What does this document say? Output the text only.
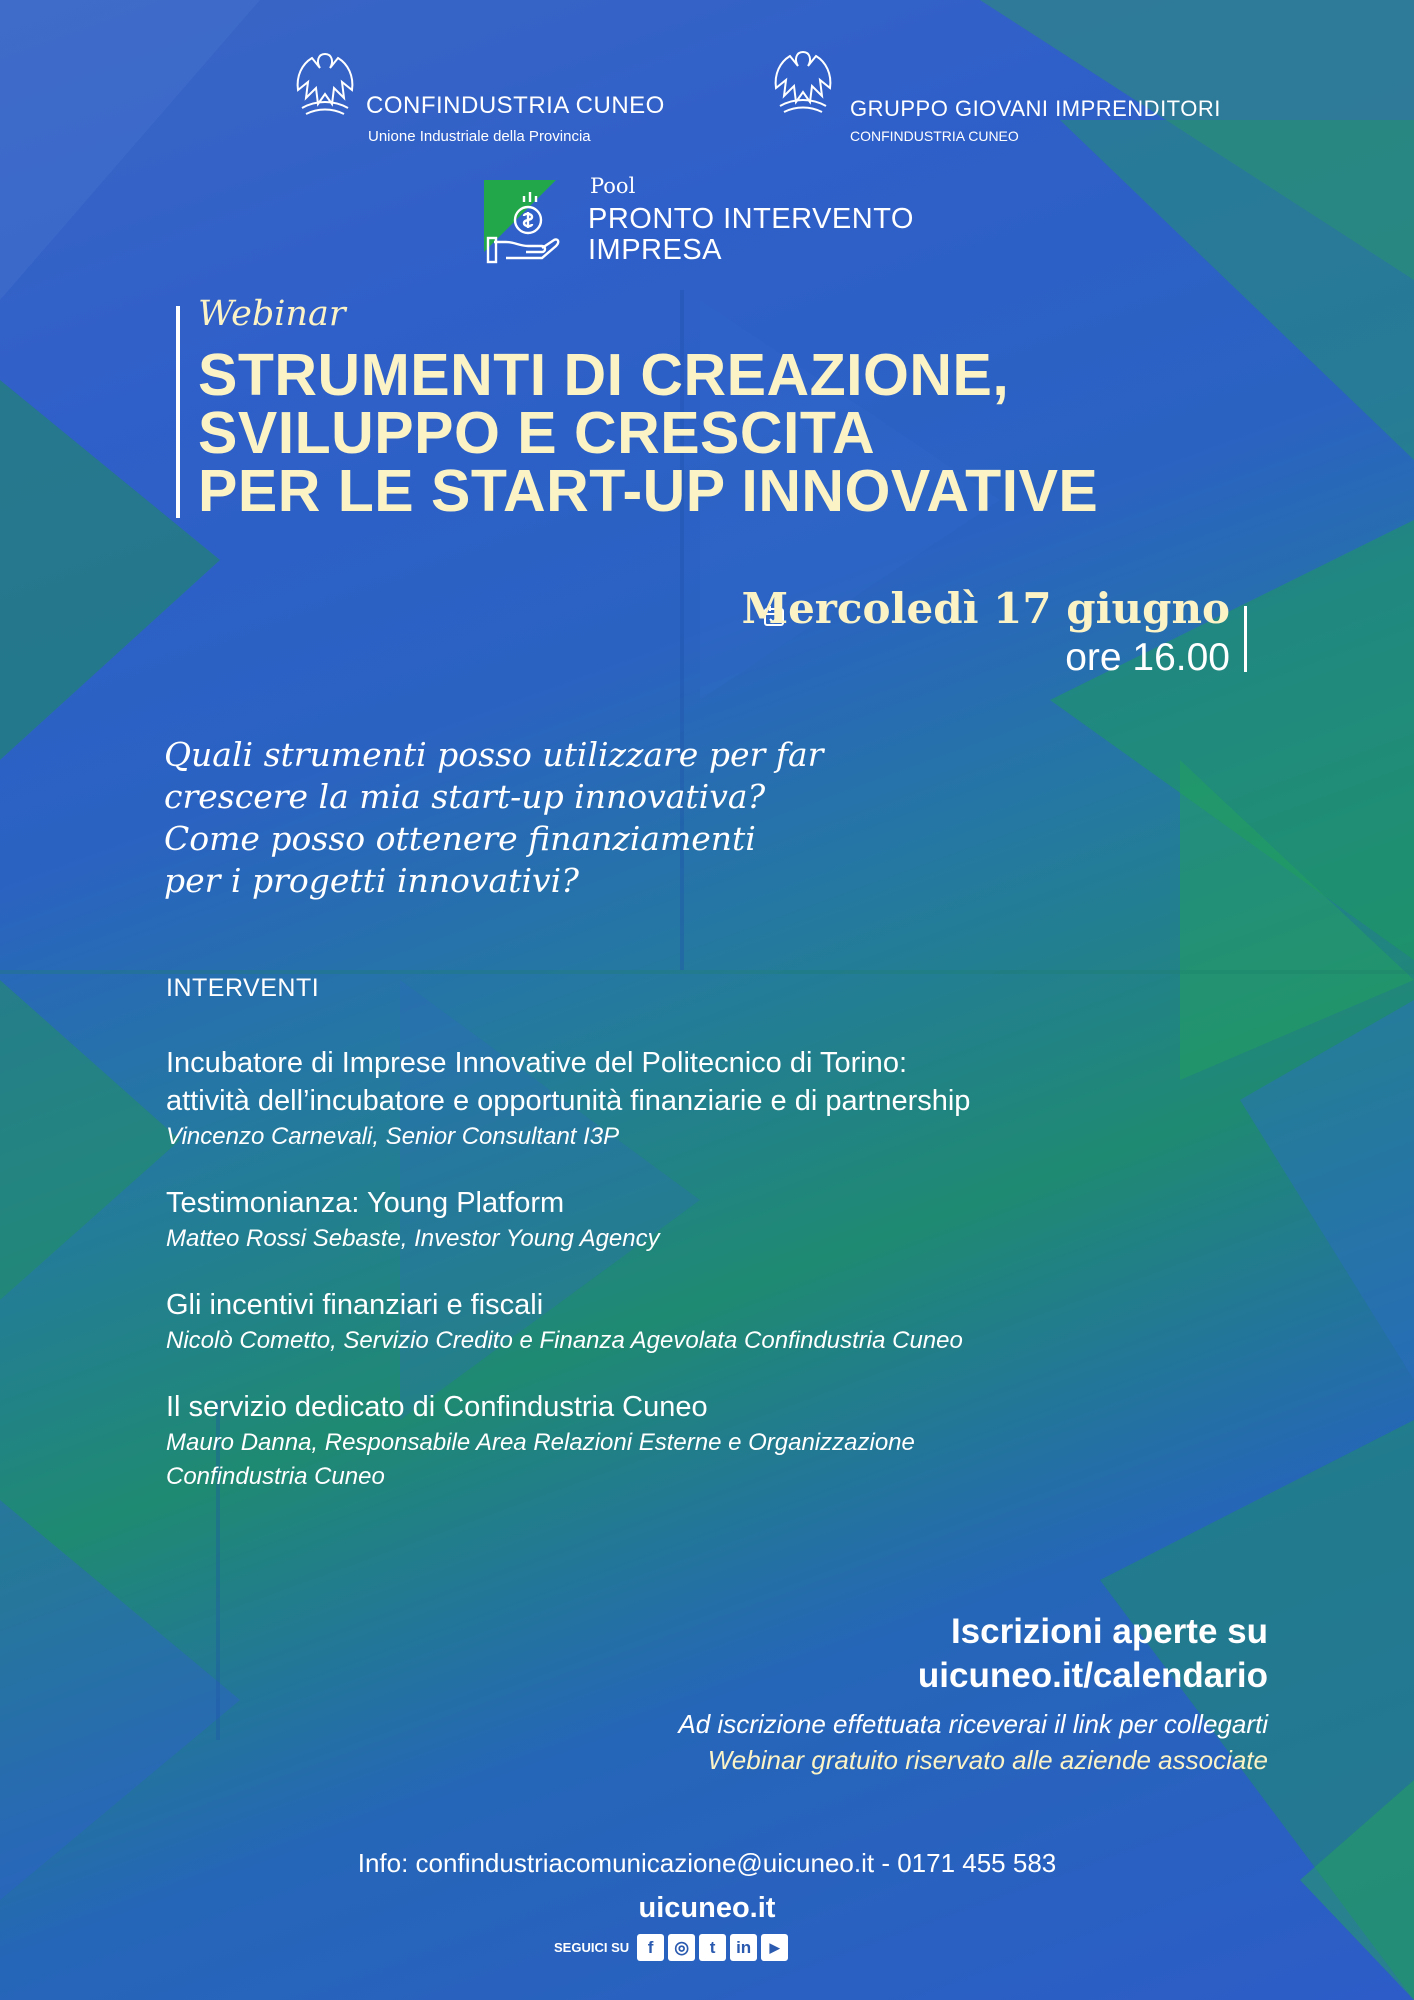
CONFINDUSTRIA CUNEO
Unione Industriale della Provincia
GRUPPO GIOVANI IMPRENDITORI
CONFINDUSTRIA CUNEO
Pool
PRONTO INTERVENTO
IMPRESA
Webinar
STRUMENTI DI CREAZIONE,
SVILUPPO E CRESCITA
PER LE START-UP INNOVATIVE
Mercoledì 17 giugno
ore 16.00
Quali strumenti posso utilizzare per far
crescere la mia start-up innovativa?
Come posso ottenere finanziamenti
per i progetti innovativi?
INTERVENTI
Incubatore di Imprese Innovative del Politecnico di Torino:
attività dell’incubatore e opportunità finanziarie e di partnership
Vincenzo Carnevali, Senior Consultant I3P
Testimonianza: Young Platform
Matteo Rossi Sebaste, Investor Young Agency
Gli incentivi finanziari e fiscali
Nicolò Cometto, Servizio Credito e Finanza Agevolata Confindustria Cuneo
Il servizio dedicato di Confindustria Cuneo
Mauro Danna, Responsabile Area Relazioni Esterne e Organizzazione
Confindustria Cuneo
Iscrizioni aperte su
uicuneo.it/calendario
Ad iscrizione effettuata riceverai il link per collegarti
Webinar gratuito riservato alle aziende associate
Info: confindustriacomunicazione@uicuneo.it - 0171 455 583
uicuneo.it
SEGUICI SU	f	◎	t	in	▶
